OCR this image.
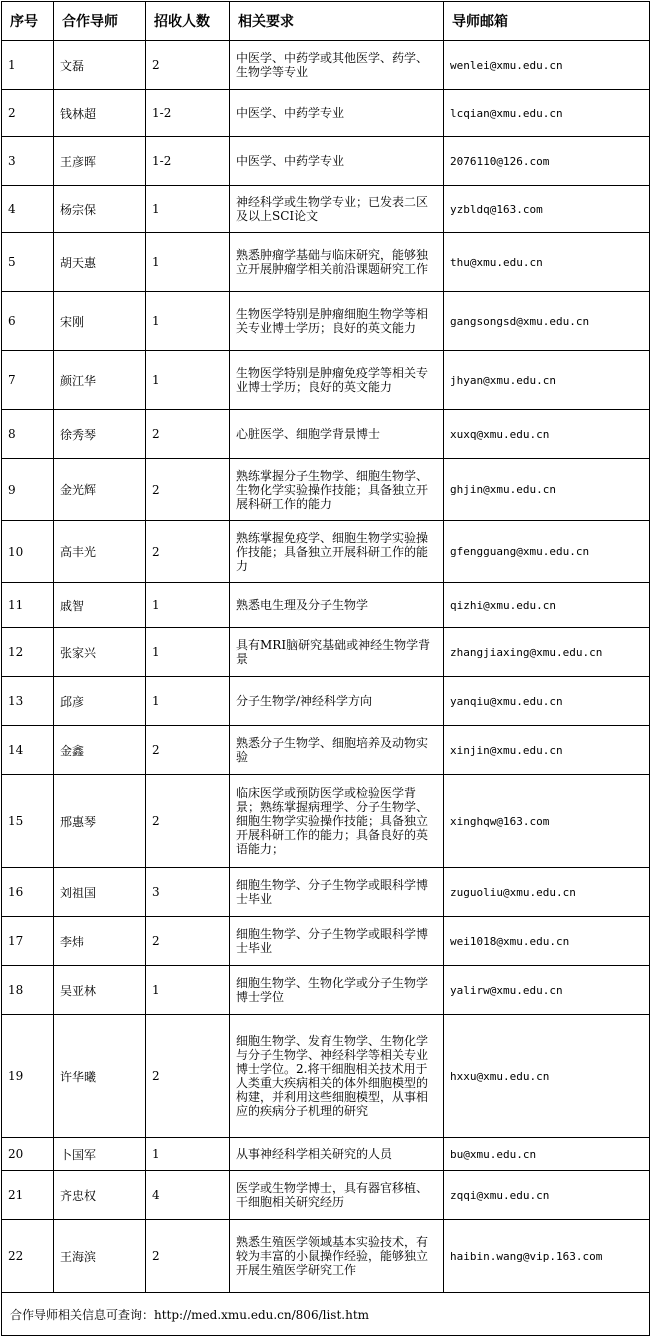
序号	合作导师	招收人数	相关要求	导师邮箱
1	文磊	2	中医学、中药学或其他医学、药学、生物学等专业	wenlei@xmu.edu.cn
2	钱林超	1-2	中医学、中药学专业	lcqian@xmu.edu.cn
3	王彦晖	1-2	中医学、中药学专业	2076110@126.com
4	杨宗保	1	神经科学或生物学专业；已发表二区及以上SCI论文	yzbldq@163.com
5	胡天惠	1	熟悉肿瘤学基础与临床研究，能够独立开展肿瘤学相关前沿课题研究工作	thu@xmu.edu.cn
6	宋刚	1	生物医学特别是肿瘤细胞生物学等相关专业博士学历；良好的英文能力	gangsongsd@xmu.edu.cn
7	颜江华	1	生物医学特别是肿瘤免疫学等相关专业博士学历；良好的英文能力	jhyan@xmu.edu.cn
8	徐秀琴	2	心脏医学、细胞学背景博士	xuxq@xmu.edu.cn
9	金光辉	2	熟练掌握分子生物学、细胞生物学、生物化学实验操作技能；具备独立开展科研工作的能力	ghjin@xmu.edu.cn
10	高丰光	2	熟练掌握免疫学、细胞生物学实验操作技能；具备独立开展科研工作的能力	gfengguang@xmu.edu.cn
11	戚智	1	熟悉电生理及分子生物学	qizhi@xmu.edu.cn
12	张家兴	1	具有MRI脑研究基础或神经生物学背景	zhangjiaxing@xmu.edu.cn
13	邱彦	1	分子生物学/神经科学方向	yanqiu@xmu.edu.cn
14	金鑫	2	熟悉分子生物学、细胞培养及动物实验	xinjin@xmu.edu.cn
15	邢惠琴	2	临床医学或预防医学或检验医学背景；熟练掌握病理学、分子生物学、细胞生物学实验操作技能；具备独立开展科研工作的能力；具备良好的英语能力；	xinghqw@163.com
16	刘祖国	3	细胞生物学、分子生物学或眼科学博士毕业	zuguoliu@xmu.edu.cn
17	李炜	2	细胞生物学、分子生物学或眼科学博士毕业	wei1018@xmu.edu.cn
18	吴亚林	1	细胞生物学、生物化学或分子生物学博士学位	yalirw@xmu.edu.cn
19	许华曦	2	细胞生物学、发育生物学、生物化学与分子生物学、神经科学等相关专业博士学位。2.将干细胞相关技术用于人类重大疾病相关的体外细胞模型的构建，并利用这些细胞模型，从事相应的疾病分子机理的研究	hxxu@xmu.edu.cn
20	卜国军	1	从事神经科学相关研究的人员	bu@xmu.edu.cn
21	齐忠权	4	医学或生物学博士，具有器官移植、干细胞相关研究经历	zqqi@xmu.edu.cn
22	王海滨	2	熟悉生殖医学领域基本实验技术，有较为丰富的小鼠操作经验，能够独立开展生殖医学研究工作	haibin.wang@vip.163.com
合作导师相关信息可查询：http://med.xmu.edu.cn/806/list.htm				
